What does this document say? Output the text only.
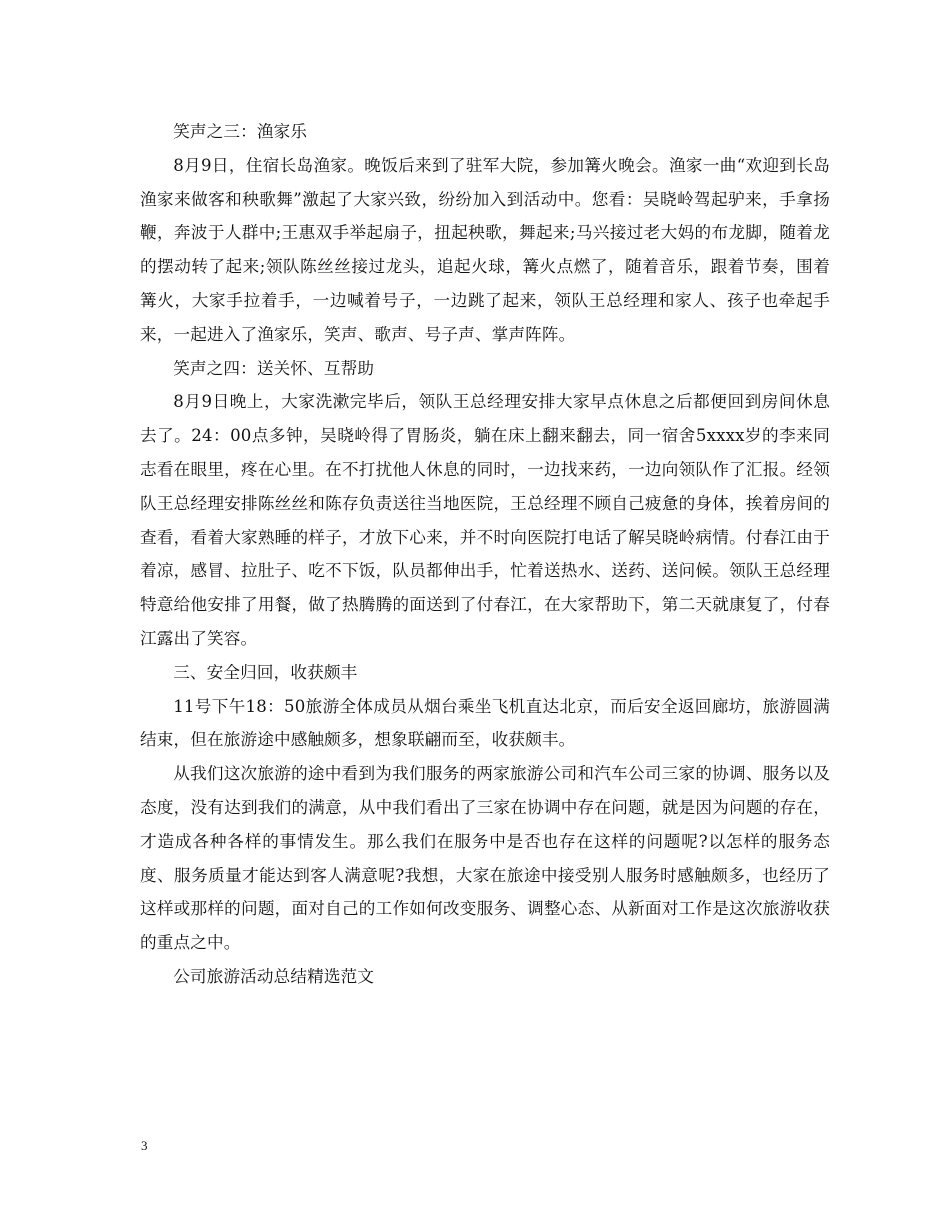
笑声之三：渔家乐

8月9日，住宿长岛渔家。晚饭后来到了驻军大院，参加篝火晚会。渔家一曲“欢迎到长岛渔家来做客和秧歌舞”激起了大家兴致，纷纷加入到活动中。您看：吴晓岭驾起驴来，手拿扬鞭，奔波于人群中;王惠双手举起扇子，扭起秧歌，舞起来;马兴接过老大妈的布龙脚，随着龙的摆动转了起来;领队陈丝丝接过龙头，追起火球，篝火点燃了，随着音乐，跟着节奏，围着篝火，大家手拉着手，一边喊着号子，一边跳了起来，领队王总经理和家人、孩子也牵起手来，一起进入了渔家乐，笑声、歌声、号子声、掌声阵阵。

笑声之四：送关怀、互帮助

8月9日晚上，大家洗漱完毕后，领队王总经理安排大家早点休息之后都便回到房间休息去了。24：00点多钟，吴晓岭得了胃肠炎，躺在床上翻来翻去，同一宿舍5xxxx岁的李来同志看在眼里，疼在心里。在不打扰他人休息的同时，一边找来药，一边向领队作了汇报。经领队王总经理安排陈丝丝和陈存负责送往当地医院，王总经理不顾自己疲惫的身体，挨着房间的查看，看着大家熟睡的样子，才放下心来，并不时向医院打电话了解吴晓岭病情。付春江由于着凉，感冒、拉肚子、吃不下饭，队员都伸出手，忙着送热水、送药、送问候。领队王总经理特意给他安排了用餐，做了热腾腾的面送到了付春江，在大家帮助下，第二天就康复了，付春江露出了笑容。

三、安全归回，收获颇丰

11号下午18：50旅游全体成员从烟台乘坐飞机直达北京，而后安全返回廊坊，旅游圆满结束，但在旅游途中感触颇多，想象联翩而至，收获颇丰。

从我们这次旅游的途中看到为我们服务的两家旅游公司和汽车公司三家的协调、服务以及态度，没有达到我们的满意，从中我们看出了三家在协调中存在问题，就是因为问题的存在，才造成各种各样的事情发生。那么我们在服务中是否也存在这样的问题呢?以怎样的服务态度、服务质量才能达到客人满意呢?我想，大家在旅途中接受别人服务时感触颇多，也经历了这样或那样的问题，面对自己的工作如何改变服务、调整心态、从新面对工作是这次旅游收获的重点之中。

公司旅游活动总结精选范文

3
